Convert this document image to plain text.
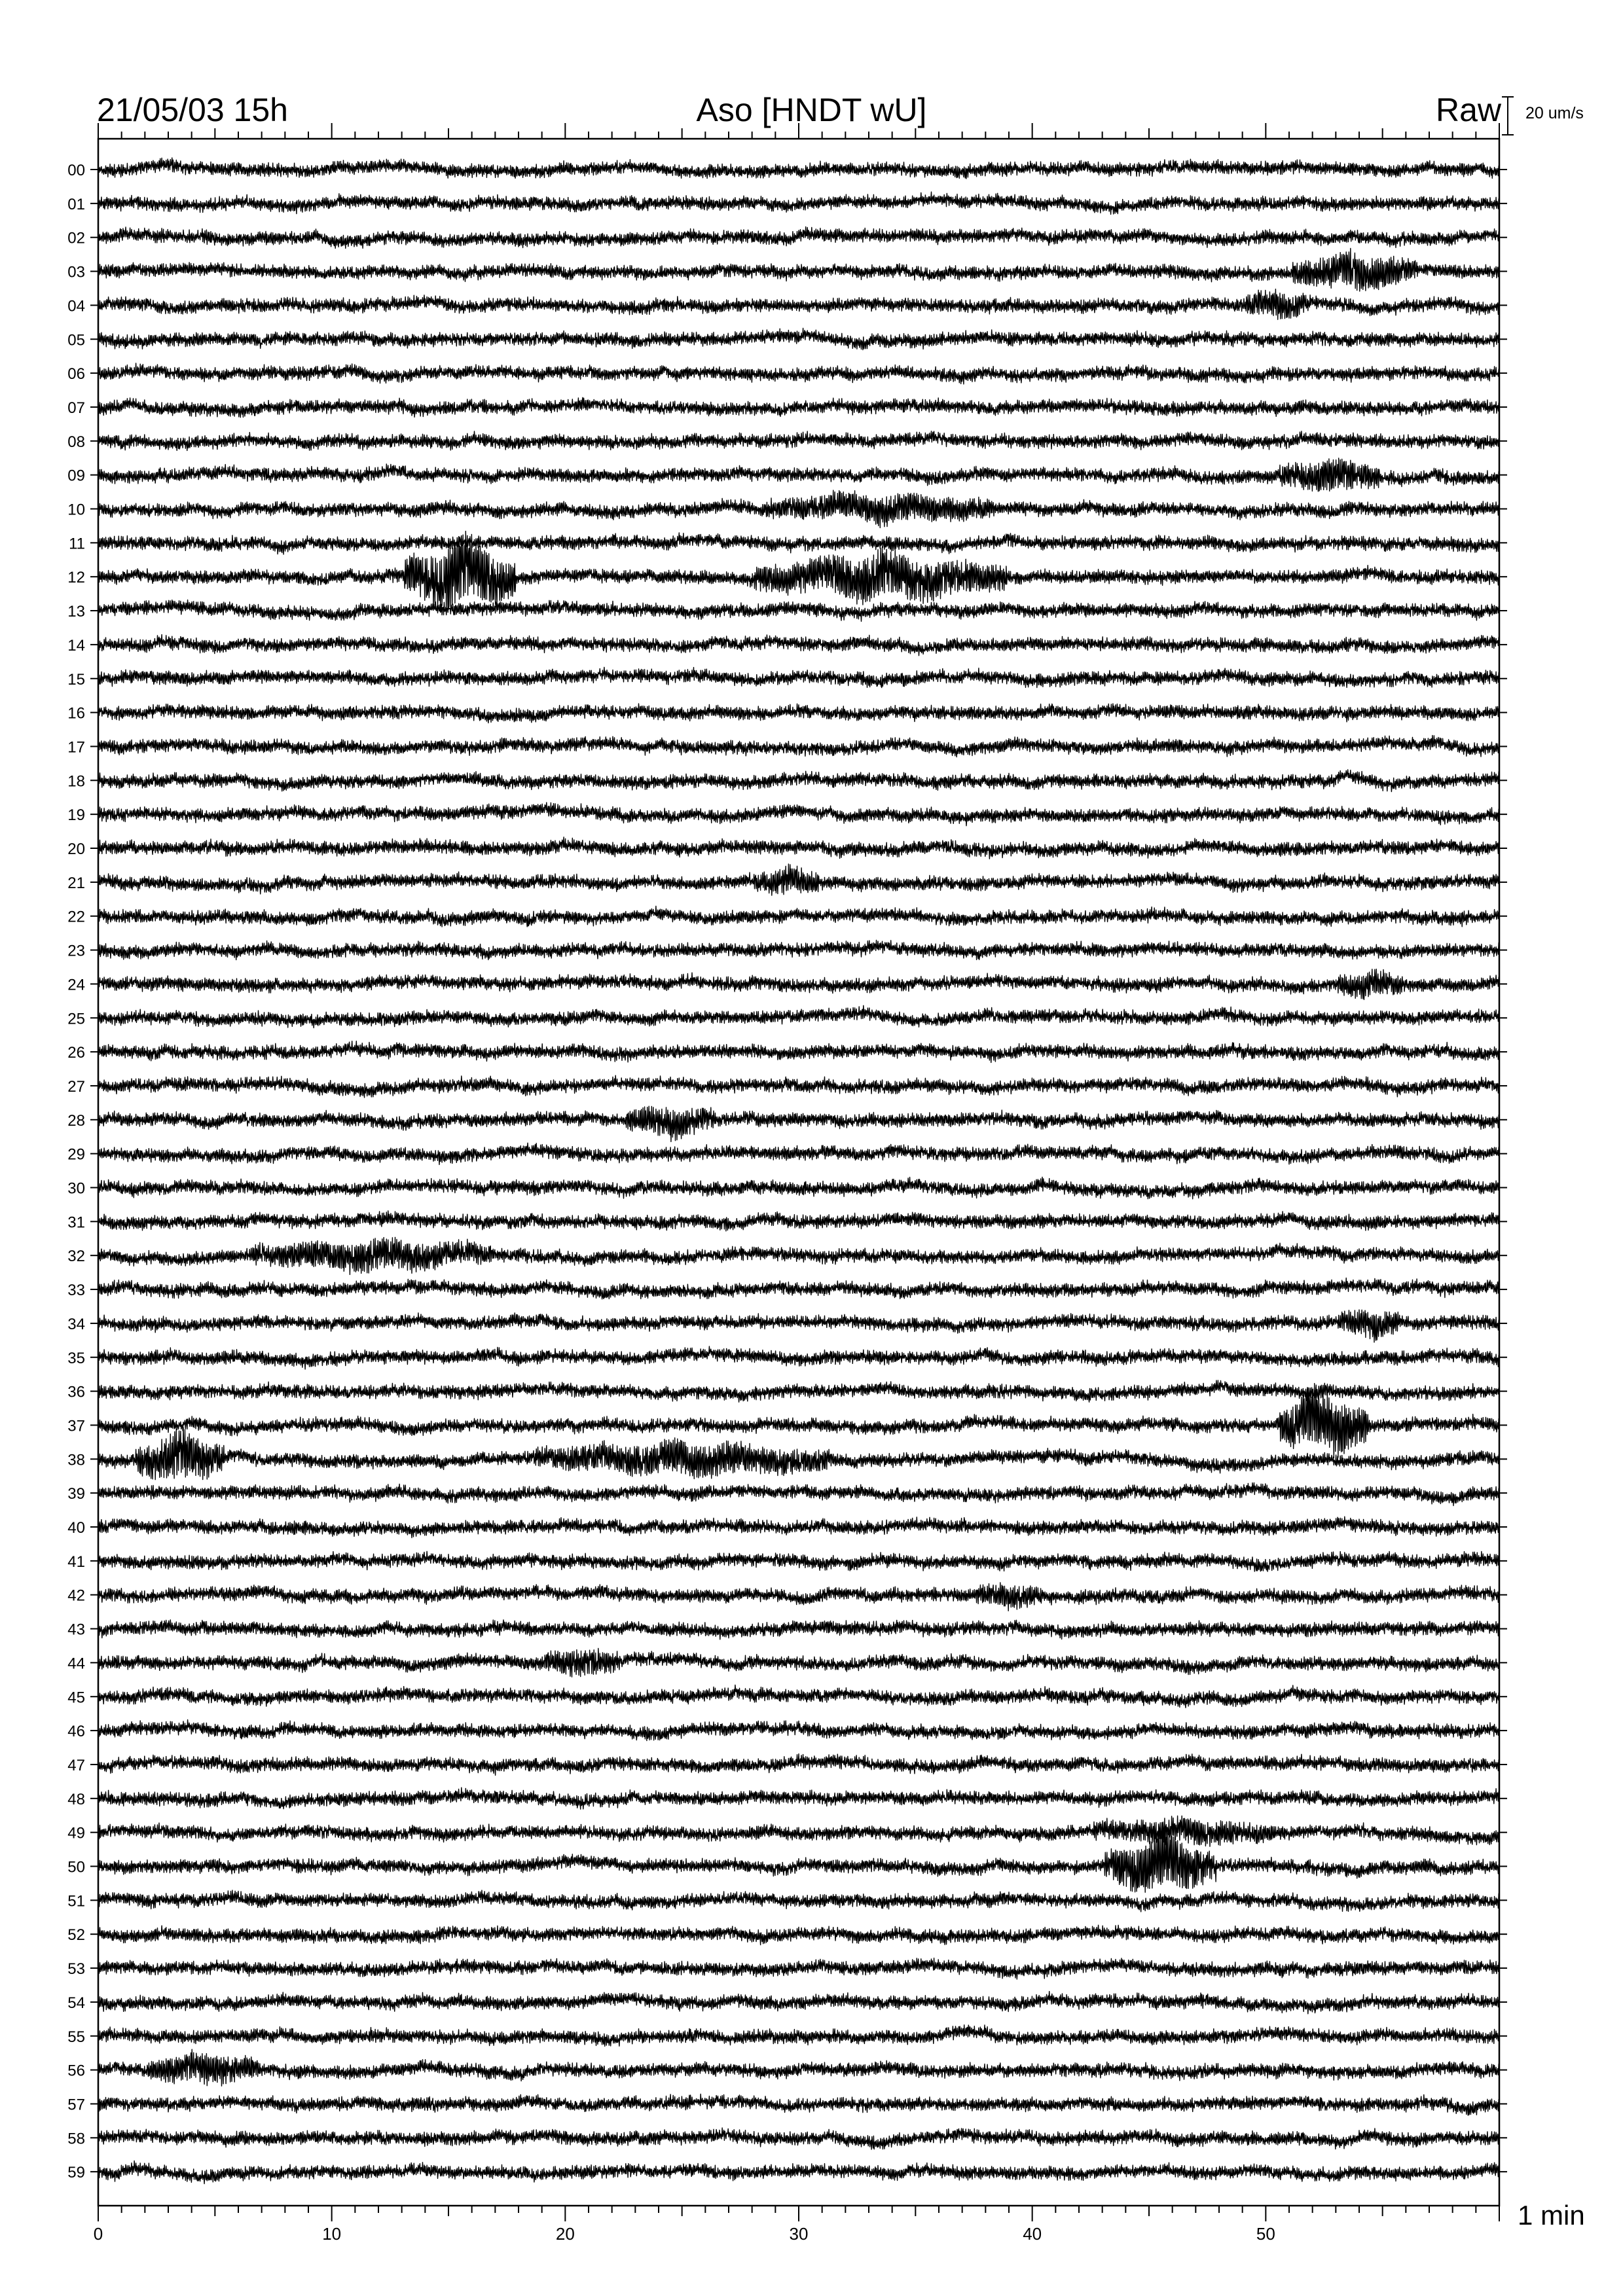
21/05/03 15h	Aso [HNDT wU]	Raw 20 um/s
1 min
0	10	20	30	40	50
00
01
02
03
04
05
06
07
08
09
10
11
12
13
14
15
16
17
18
19
20
21
22
23
24
25
26
27
28
29
30
31
32
33
34
35
36
37
38
39
40
41
42
43
44
45
46
47
48
49
50
51
52
53
54
55
56
57
58
59
